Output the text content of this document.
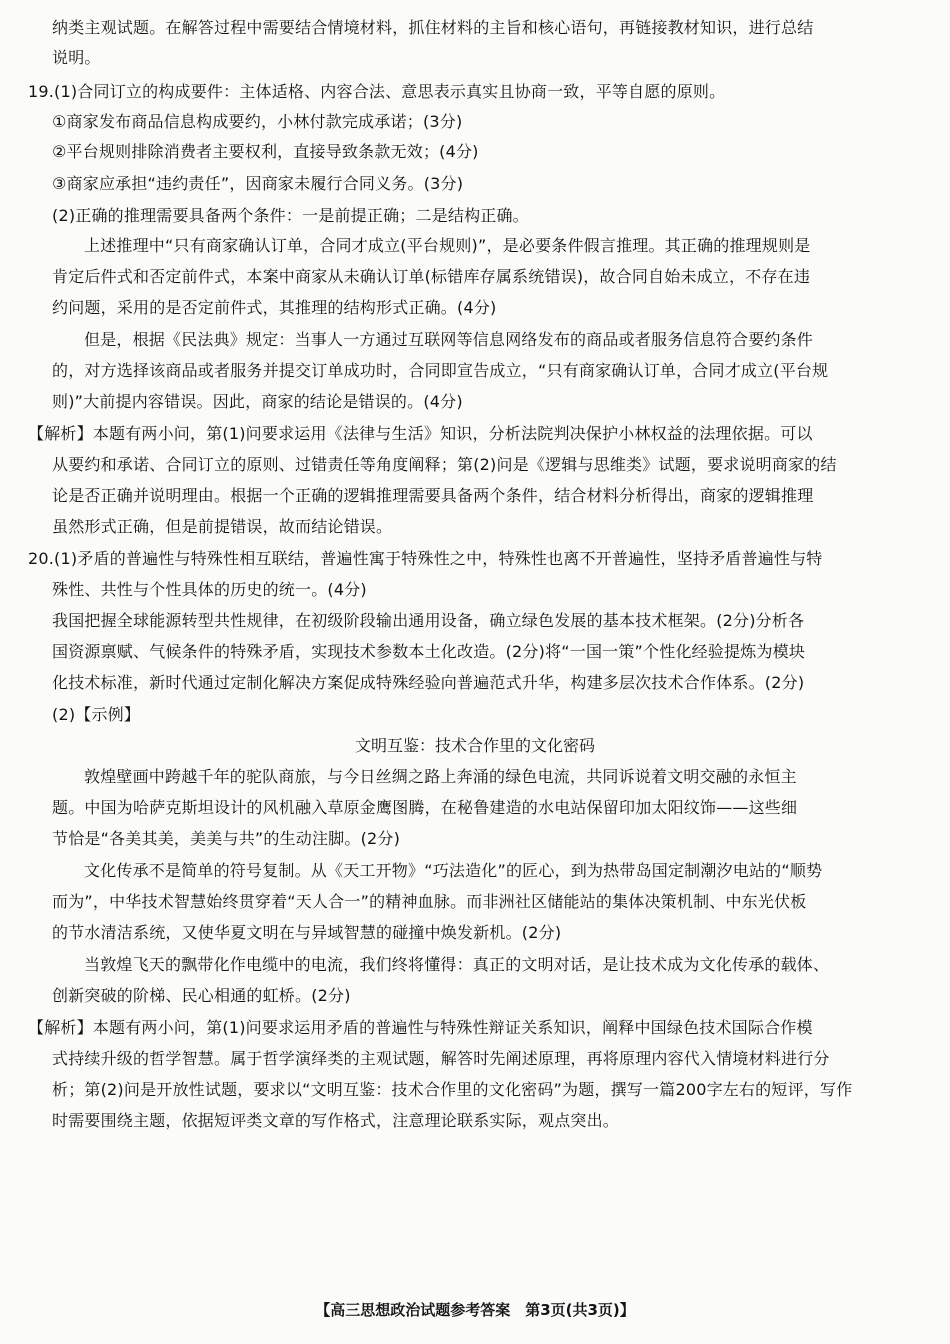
纳类主观试题。在解答过程中需要结合情境材料，抓住材料的主旨和核心语句，再链接教材知识，进行总结
说明。
19.(1)合同订立的构成要件：主体适格、内容合法、意思表示真实且协商一致，平等自愿的原则。
①商家发布商品信息构成要约，小林付款完成承诺；(3分)
②平台规则排除消费者主要权利，直接导致条款无效；(4分)
③商家应承担“违约责任”，因商家未履行合同义务。(3分)
(2)正确的推理需要具备两个条件：一是前提正确；二是结构正确。
上述推理中“只有商家确认订单，合同才成立(平台规则)”，是必要条件假言推理。其正确的推理规则是
肯定后件式和否定前件式，本案中商家从未确认订单(标错库存属系统错误)，故合同自始未成立，不存在违
约问题，采用的是否定前件式，其推理的结构形式正确。(4分)
但是，根据《民法典》规定：当事人一方通过互联网等信息网络发布的商品或者服务信息符合要约条件
的，对方选择该商品或者服务并提交订单成功时，合同即宣告成立，“只有商家确认订单，合同才成立(平台规
则)”大前提内容错误。因此，商家的结论是错误的。(4分)
【解析】本题有两小问，第(1)问要求运用《法律与生活》知识，分析法院判决保护小林权益的法理依据。可以
从要约和承诺、合同订立的原则、过错责任等角度阐释；第(2)问是《逻辑与思维类》试题，要求说明商家的结
论是否正确并说明理由。根据一个正确的逻辑推理需要具备两个条件，结合材料分析得出，商家的逻辑推理
虽然形式正确，但是前提错误，故而结论错误。
20.(1)矛盾的普遍性与特殊性相互联结，普遍性寓于特殊性之中，特殊性也离不开普遍性，坚持矛盾普遍性与特
殊性、共性与个性具体的历史的统一。(4分)
我国把握全球能源转型共性规律，在初级阶段输出通用设备，确立绿色发展的基本技术框架。(2分)分析各
国资源禀赋、气候条件的特殊矛盾，实现技术参数本土化改造。(2分)将“一国一策”个性化经验提炼为模块
化技术标准，新时代通过定制化解决方案促成特殊经验向普遍范式升华，构建多层次技术合作体系。(2分)
(2)【示例】
文明互鉴：技术合作里的文化密码
敦煌壁画中跨越千年的驼队商旅，与今日丝绸之路上奔涌的绿色电流，共同诉说着文明交融的永恒主
题。中国为哈萨克斯坦设计的风机融入草原金鹰图腾，在秘鲁建造的水电站保留印加太阳纹饰——这些细
节恰是“各美其美，美美与共”的生动注脚。(2分)
文化传承不是简单的符号复制。从《天工开物》“巧法造化”的匠心，到为热带岛国定制潮汐电站的“顺势
而为”，中华技术智慧始终贯穿着“天人合一”的精神血脉。而非洲社区储能站的集体决策机制、中东光伏板
的节水清洁系统，又使华夏文明在与异域智慧的碰撞中焕发新机。(2分)
当敦煌飞天的飘带化作电缆中的电流，我们终将懂得：真正的文明对话，是让技术成为文化传承的载体、
创新突破的阶梯、民心相通的虹桥。(2分)
【解析】本题有两小问，第(1)问要求运用矛盾的普遍性与特殊性辩证关系知识，阐释中国绿色技术国际合作模
式持续升级的哲学智慧。属于哲学演绎类的主观试题，解答时先阐述原理，再将原理内容代入情境材料进行分
析；第(2)问是开放性试题，要求以“文明互鉴：技术合作里的文化密码”为题，撰写一篇200字左右的短评，写作
时需要围绕主题，依据短评类文章的写作格式，注意理论联系实际，观点突出。
【高三思想政治试题参考答案　第3页(共3页)】
